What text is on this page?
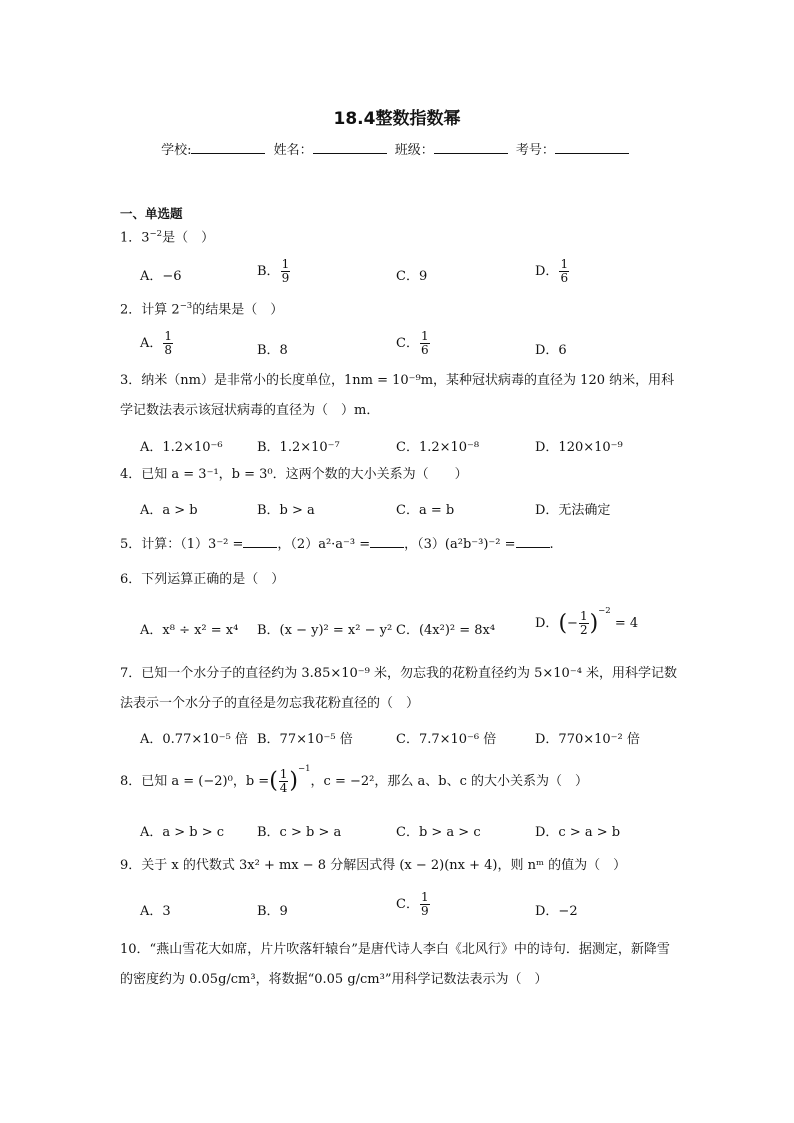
18.4整数指数幂
学校:	姓名：	班级：	考号：
一、单选题
1．$3^{-2}$是（　）
A．−6	B． $\frac{1}{9}$	C．9	D． $\frac{1}{6}$
2．计算 $2^{-3}$的结果是（　）
A． $\frac{1}{8}$	B．8	C． $\frac{1}{6}$	D．6
3．纳米（nm）是非常小的长度单位，1nm = 10⁻⁹m，某种冠状病毒的直径为 120 纳米，用科学记数法表示该冠状病毒的直径为（　）m．
A．1.2×10⁻⁶	B．1.2×10⁻⁷	C．1.2×10⁻⁸	D．120×10⁻⁹
4．已知 a = 3⁻¹，b = 3⁰．这两个数的大小关系为（　　）
A．a > b	B．b > a	C．a = b	D．无法确定
5．计算：（1）3⁻² =	，（2）a²·a⁻³ =	，（3）(a²b⁻³)⁻² =	.
6．下列运算正确的是（　）
A．x⁸ ÷ x² = x⁴ B．(x − y)² = x² − y² C．(4x²)² = 8x⁴	D．(− $\frac{1}{2} )^{-2} = 4$
7．已知一个水分子的直径约为 3.85×10⁻⁹ 米，勿忘我的花粉直径约为 5×10⁻⁴ 米，用科学记数法表示一个水分子的直径是勿忘我花粉直径的（　）
A．0.77×10⁻⁵ 倍 B．77×10⁻⁵ 倍	C．7.7×10⁻⁶ 倍	D．770×10⁻² 倍
8．已知 a = (−2)⁰，b =( $\frac{1}{4} )^{-1}$，c = −2²，那么 a、b、c 的大小关系为（　）
A．a > b > c	B．c > b > a	C．b > a > c	D．c > a > b
9．关于 x 的代数式 3x² + mx − 8 分解因式得 (x − 2)(nx + 4)，则 nᵐ 的值为（　）
A．3	B．9	C． $\frac{1}{9}$	D．−2
10．“燕山雪花大如席，片片吹落轩辕台”是唐代诗人李白《北风行》中的诗句．据测定，新降雪的密度约为 0.05g/cm³，将数据“0.05 g/cm³”用科学记数法表示为（　）
